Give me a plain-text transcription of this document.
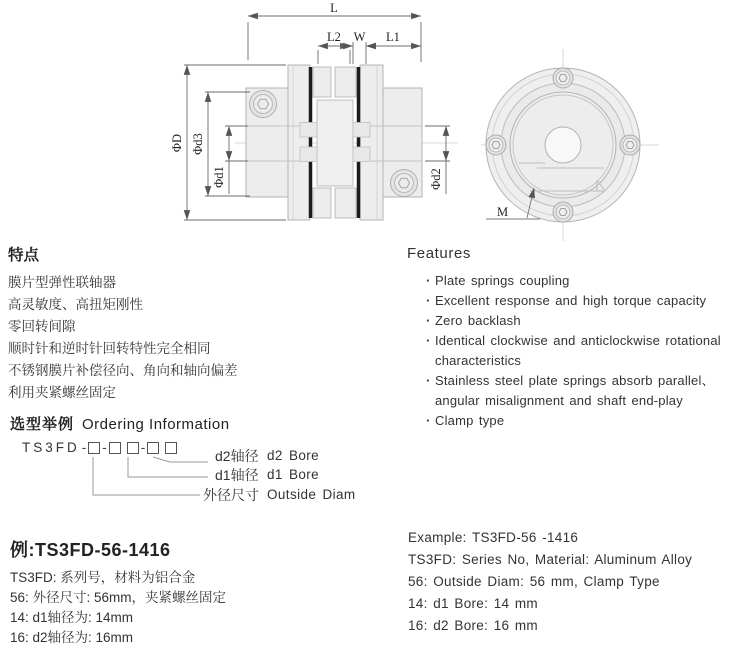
L
L2 W L1
ΦD Φd3
Φd1	Φd2
M
特点
膜片型弹性联轴器
高灵敏度、高扭矩刚性
零回转间隙
顺时针和逆时针回转特性完全相同
不锈钢膜片补偿径向、角向和轴向偏差
利用夹紧螺丝固定
Features
· Plate springs coupling
· Excellent response and high torque capacity
· Zero backlash
· Identical clockwise and anticlockwise rotational characteristics
· Stainless steel plate springs absorb parallel、angular misalignment and shaft end-play
· Clamp type
选型举例 Ordering Information
TS3FD - -	-
d2轴径 d2 Bore
d1轴径 d1 Bore
外径尺寸 Outside Diam
例:TS3FD-56-1416
TS3FD: 系列号，材料为铝合金
56: 外径尺寸: 56mm，夹紧螺丝固定
14: d1轴径为: 14mm
16: d2轴径为: 16mm
Example: TS3FD-56 -1416
TS3FD: Series No, Material: Aluminum Alloy
56: Outside Diam: 56 mm, Clamp Type
14: d1 Bore: 14 mm
16: d2 Bore: 16 mm
